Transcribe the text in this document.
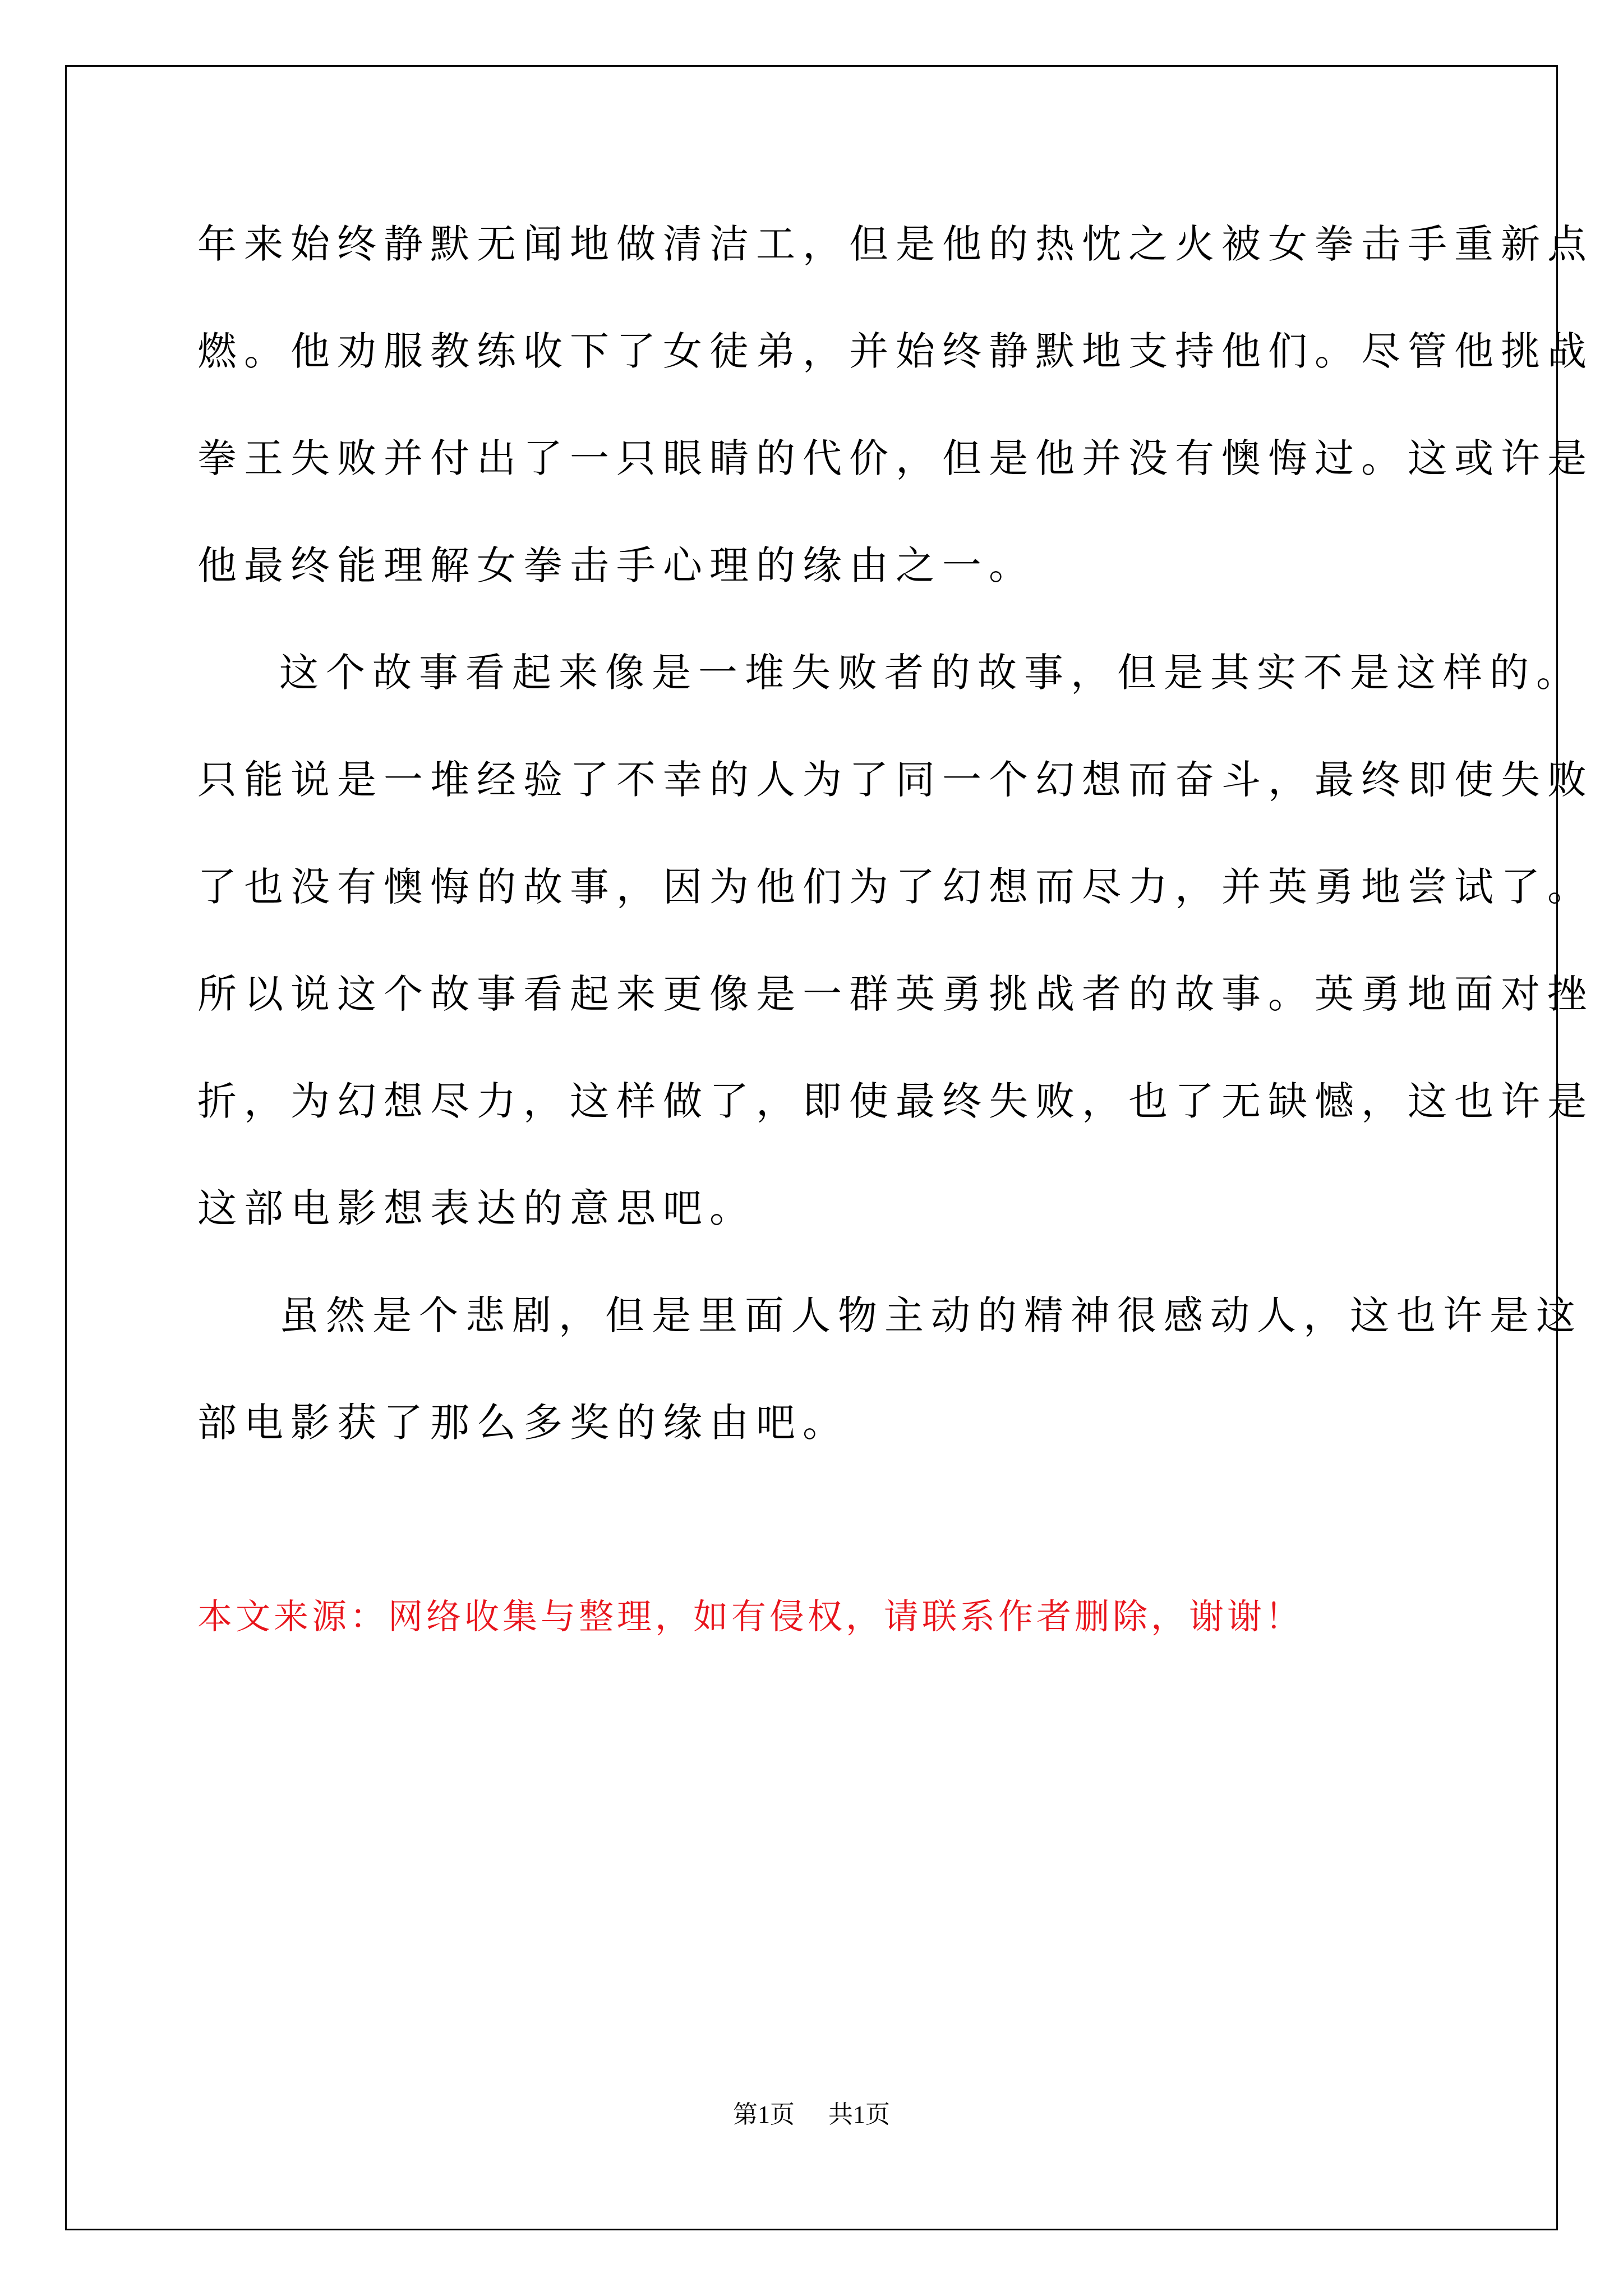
年来始终静默无闻地做清洁工，但是他的热忱之火被女拳击手重新点
燃。他劝服教练收下了女徒弟，并始终静默地支持他们。尽管他挑战
拳王失败并付出了一只眼睛的代价，但是他并没有懊悔过。这或许是
他最终能理解女拳击手心理的缘由之一。
这个故事看起来像是一堆失败者的故事，但是其实不是这样的。
只能说是一堆经验了不幸的人为了同一个幻想而奋斗，最终即使失败
了也没有懊悔的故事，因为他们为了幻想而尽力，并英勇地尝试了。
所以说这个故事看起来更像是一群英勇挑战者的故事。英勇地面对挫
折，为幻想尽力，这样做了，即使最终失败，也了无缺憾，这也许是
这部电影想表达的意思吧。
虽然是个悲剧，但是里面人物主动的精神很感动人，这也许是这
部电影获了那么多奖的缘由吧。
本文来源：网络收集与整理，如有侵权，请联系作者删除，谢谢！
第1页 共1页
